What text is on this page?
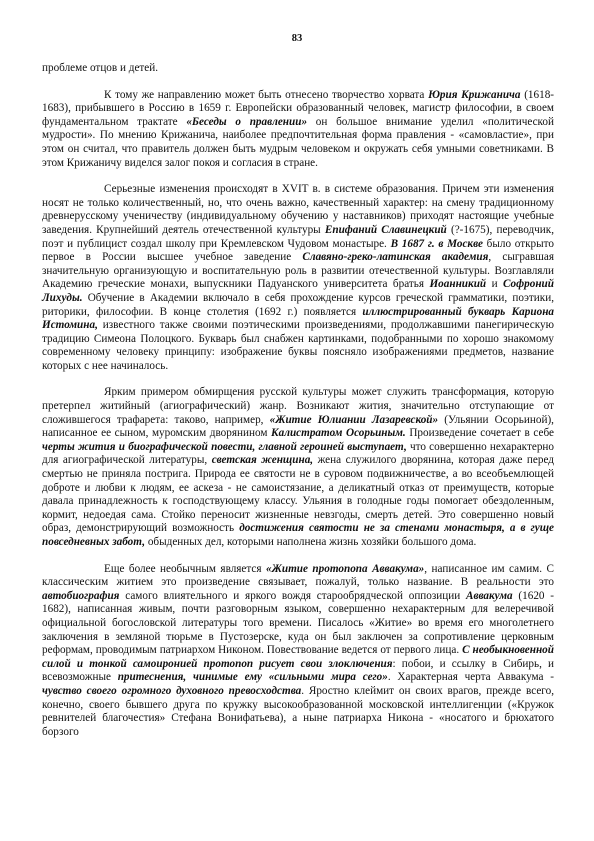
83

проблеме отцов и детей.

К тому же направлению может быть отнесено творчество хорвата Юрия Крижанича (1618-1683), прибывшего в Россию в 1659 г. Европейски образованный человек, магистр философии, в своем фундаментальном трактате «Беседы о правлении» он большое внимание уделил «политической мудрости». По мнению Крижанича, наиболее предпочтительная форма правления - «самовластие», при этом он считал, что правитель должен быть мудрым человеком и окружать себя умными советниками. В этом Крижаничу виделся залог покоя и согласия в стране.

Серьезные изменения происходят в XVIT в. в системе образования. Причем эти изменения носят не только количественный, но, что очень важно, качественный характер: на смену традиционному древнерусскому ученичеству (индивидуальному обучению у наставников) приходят настоящие учебные заведения. Крупнейший деятель отечественной культуры Епифаний Славинецкий (?-1675), переводчик, поэт и публицист создал школу при Кремлевском Чудовом монастыре. В 1687 г. в Москве было открыто первое в России высшее учебное заведение Славяно-греко-латинская академия, сыгравшая значительную организующую и воспитательную роль в развитии отечественной культуры. Возглавляли Академию греческие монахи, выпускники Падуанского университета братья Иоанникий и Софроний Лихуды. Обучение в Академии включало в себя прохождение курсов греческой грамматики, поэтики, риторики, философии. В конце столетия (1692 г.) появляется иллюстрированный букварь Кариона Истомина, известного также своими поэтическими произведениями, продолжавшими панегирическую традицию Симеона Полоцкого. Букварь был снабжен картинками, подобранными по хорошо знакомому современному человеку принципу: изображение буквы поясняло изображениями предметов, название которых с нее начиналось.

Ярким примером обмирщения русской культуры может служить трансформация, которую претерпел житийный (агиографический) жанр. Возникают жития, значительно отступающие от сложившегося трафарета: таково, например, «Житие Юлиании Лазаревской» (Ульянии Осорьиной), написанное ее сыном, муромским дворянином Калистратом Осорьиным. Произведение сочетает в себе черты жития и биографической повести, главной героиней выступает, что совершенно нехарактерно для агиографической литературы, светская женщина, жена служилого дворянина, которая даже перед смертью не приняла пострига. Природа ее святости не в суровом подвижничестве, а во всеобъемлющей доброте и любви к людям, ее аскеза - не самоистязание, а деликатный отказ от преимуществ, которые давала принадлежность к господствующему классу. Ульяния в голодные годы помогает обездоленным, кормит, недоедая сама. Стойко переносит жизненные невзгоды, смерть детей. Это совершенно новый образ, демонстрирующий возможность достижения святости не за стенами монастыря, а в гуще повседневных забот, обыденных дел, которыми наполнена жизнь хозяйки большого дома.

Еще более необычным является «Житие протопопа Аввакума», написанное им самим. С классическим житием это произведение связывает, пожалуй, только название. В реальности это автобиография самого влиятельного и яркого вождя старообрядческой оппозиции Аввакума (1620 - 1682), написанная живым, почти разговорным языком, совершенно нехарактерным для велеречивой официальной богословской литературы того времени. Писалось «Житие» во время его многолетнего заключения в земляной тюрьме в Пустозерске, куда он был заключен за сопротивление церковным реформам, проводимым патриархом Никоном. Повествование ведется от первого лица. С необыкновенной силой и тонкой самоиронией протопоп рисует свои злоключения: побои, и ссылку в Сибирь, и всевозможные притеснения, чинимые ему «сильными мира сего». Характерная черта Аввакума - чувство своего огромного духовного превосходства. Яростно клеймит он своих врагов, прежде всего, конечно, своего бывшего друга по кружку высокообразованной московской интеллигенции («Кружок ревнителей благочестия» Стефана Вонифатьева), а ныне патриарха Никона - «носатого и брюхатого борзого
